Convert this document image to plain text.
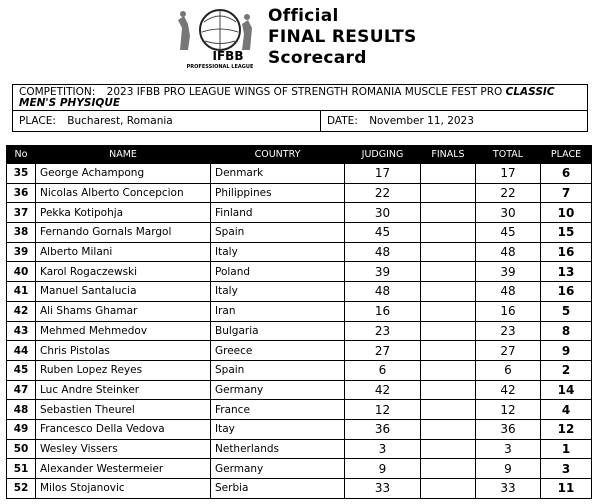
IFBB
PROFESSIONAL LEAGUE
Official
FINAL RESULTS
Scorecard
COMPETITION: 2023 IFBB PRO LEAGUE WINGS OF STRENGTH ROMANIA MUSCLE FEST PRO CLASSIC MEN'S PHYSIQUE
PLACE: Bucharest, Romania	DATE: November 11, 2023
No	NAME	COUNTRY	JUDGING	FINALS	TOTAL	PLACE
35	George Achampong	Denmark	17		17	6
36	Nicolas Alberto Concepcion	Philippines	22		22	7
37	Pekka Kotipohja	Finland	30		30	10
38	Fernando Gornals Margol	Spain	45		45	15
39	Alberto Milani	Italy	48		48	16
40	Karol Rogaczewski	Poland	39		39	13
41	Manuel Santalucia	Italy	48		48	16
42	Ali Shams Ghamar	Iran	16		16	5
43	Mehmed Mehmedov	Bulgaria	23		23	8
44	Chris Pistolas	Greece	27		27	9
45	Ruben Lopez Reyes	Spain	6		6	2
47	Luc Andre Steinker	Germany	42		42	14
48	Sebastien Theurel	France	12		12	4
49	Francesco Della Vedova	Itay	36		36	12
50	Wesley Vissers	Netherlands	3		3	1
51	Alexander Westermeier	Germany	9		9	3
52	Milos Stojanovic	Serbia	33		33	11
